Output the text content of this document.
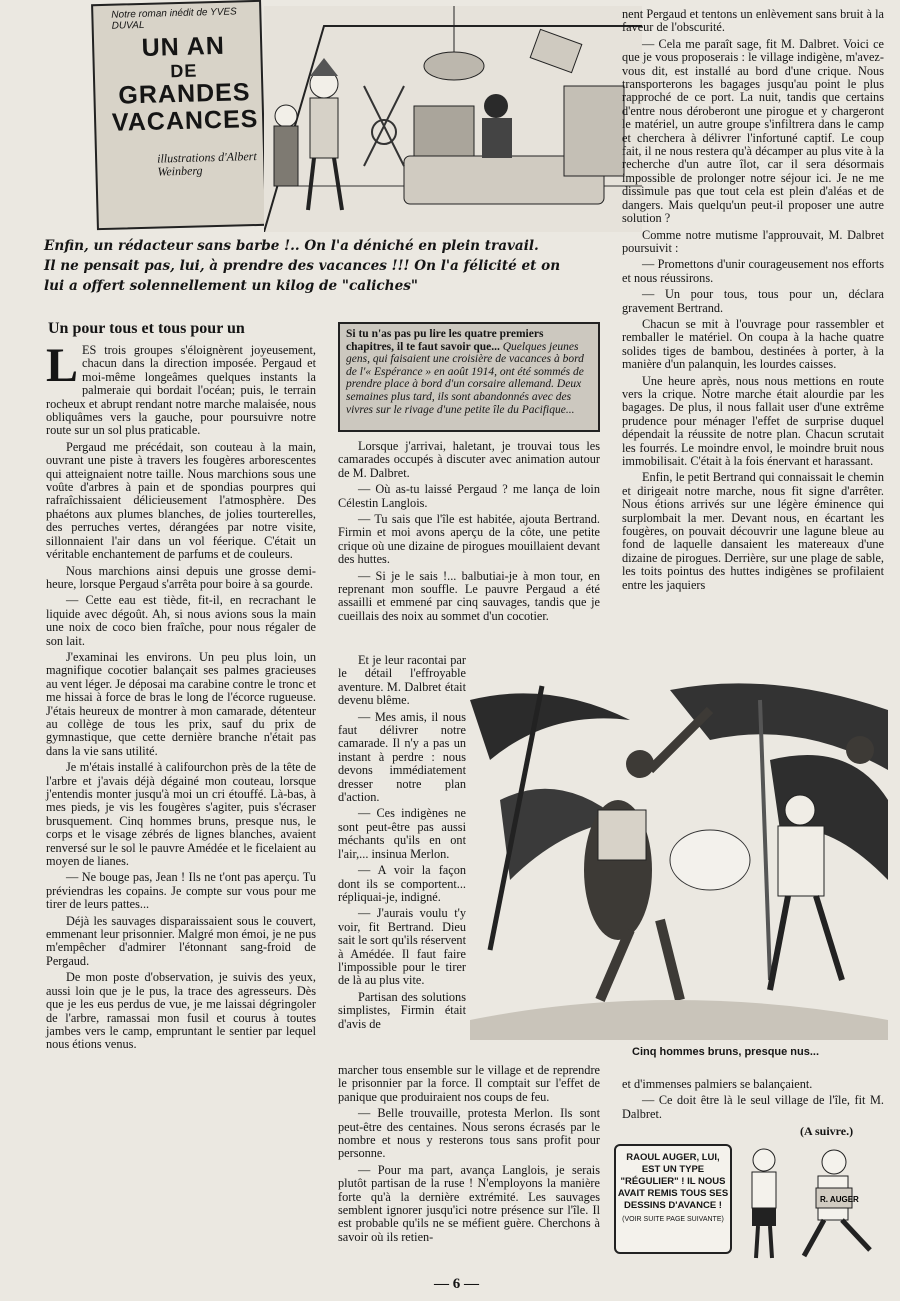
Notre roman inédit de YVES DUVAL
UN AN
DE
GRANDES
VACANCES
illustrations d'Albert Weinberg
Enfin, un rédacteur sans barbe !.. On l'a déniché en plein travail.
Il ne pensait pas, lui, à prendre des vacances !!! On l'a félicité et on
lui a offert solennellement un kilog de "caliches"
Un pour tous et tous pour un

LES trois groupes s'éloignèrent joyeusement, chacun dans la direction imposée. Pergaud et moi-même longeâmes quelques instants la palmeraie qui bordait l'océan; puis, le terrain rocheux et abrupt rendant notre marche malaisée, nous obliquâmes vers la gauche, pour poursuivre notre route sur un sol plus praticable.

Pergaud me précédait, son couteau à la main, ouvrant une piste à travers les fougères arborescentes qui atteignaient notre taille. Nous marchions sous une voûte d'arbres à pain et de spondias pourpres qui rafraîchissaient délicieusement l'atmosphère. Des phaétons aux plumes blanches, de jolies tourterelles, des perruches vertes, dérangées par notre visite, sillonnaient l'air dans un vol féerique. C'était un véritable enchantement de parfums et de couleurs.

Nous marchions ainsi depuis une grosse demi-heure, lorsque Pergaud s'arrêta pour boire à sa gourde.

— Cette eau est tiède, fit-il, en recrachant le liquide avec dégoût. Ah, si nous avions sous la main une noix de coco bien fraîche, pour nous régaler de son lait.

J'examinai les environs. Un peu plus loin, un magnifique cocotier balançait ses palmes gracieuses au vent léger. Je déposai ma carabine contre le tronc et me hissai à force de bras le long de l'écorce rugueuse. J'étais heureux de montrer à mon camarade, détenteur au collège de tous les prix, sauf du prix de gymnastique, que cette dernière branche n'était pas dans la vie sans utilité.

Je m'étais installé à califourchon près de la tête de l'arbre et j'avais déjà dégainé mon couteau, lorsque j'entendis monter jusqu'à moi un cri étouffé. Là-bas, à mes pieds, je vis les fougères s'agiter, puis s'écraser brusquement. Cinq hommes bruns, presque nus, le corps et le visage zébrés de lignes blanches, avaient renversé sur le sol le pauvre Amédée et le ficelaient au moyen de lianes.

— Ne bouge pas, Jean ! Ils ne t'ont pas aperçu. Tu préviendras les copains. Je compte sur vous pour me tirer de leurs pattes...

Déjà les sauvages disparaissaient sous le couvert, emmenant leur prisonnier. Malgré mon émoi, je ne pus m'empêcher d'admirer l'étonnant sang-froid de Pergaud.

De mon poste d'observation, je suivis des yeux, aussi loin que je le pus, la trace des agresseurs. Dès que je les eus perdus de vue, je me laissai dégringoler de l'arbre, ramassai mon fusil et courus à toutes jambes vers le camp, empruntant le sentier par lequel nous étions venus.

Si tu n'as pas pu lire les quatre premiers chapitres, il te faut savoir que... Quelques jeunes gens, qui faisaient une croisière de vacances à bord de l'« Espérance » en août 1914, ont été sommés de prendre place à bord d'un corsaire allemand. Deux semaines plus tard, ils sont abandonnés avec des vivres sur le rivage d'une petite île du Pacifique...

Lorsque j'arrivai, haletant, je trouvai tous les camarades occupés à discuter avec animation autour de M. Dalbret.

— Où as-tu laissé Pergaud ? me lança de loin Célestin Langlois.

— Tu sais que l'île est habitée, ajouta Bertrand. Firmin et moi avons aperçu de la côte, une petite crique où une dizaine de pirogues mouillaient devant des huttes.

— Si je le sais !... balbutiai-je à mon tour, en reprenant mon souffle. Le pauvre Pergaud a été assailli et emmené par cinq sauvages, tandis que je cueillais des noix au sommet d'un cocotier.

Et je leur racontai par le détail l'effroyable aventure. M. Dalbret était devenu blême.

— Mes amis, il nous faut délivrer notre camarade. Il n'y a pas un instant à perdre : nous devons immédiatement dresser notre plan d'action.

— Ces indigènes ne sont peut-être pas aussi méchants qu'ils en ont l'air,... insinua Merlon.

— A voir la façon dont ils se comportent... répliquai-je, indigné.

— J'aurais voulu t'y voir, fit Bertrand. Dieu sait le sort qu'ils réservent à Amédée. Il faut faire l'impossible pour le tirer de là au plus vite.

Partisan des solutions simplistes, Firmin était d'avis de

marcher tous ensemble sur le village et de reprendre le prisonnier par la force. Il comptait sur l'effet de panique que produiraient nos coups de feu.

— Belle trouvaille, protesta Merlon. Ils sont peut-être des centaines. Nous serons écrasés par le nombre et nous y resterons tous sans profit pour personne.

— Pour ma part, avança Langlois, je serais plutôt partisan de la ruse ! N'employons la manière forte qu'à la dernière extrémité. Les sauvages semblent ignorer jusqu'ici notre présence sur l'île. Il est probable qu'ils ne se méfient guère. Cherchons à savoir où ils retien-

nent Pergaud et tentons un enlèvement sans bruit à la faveur de l'obscurité.

— Cela me paraît sage, fit M. Dalbret. Voici ce que je vous proposerais : le village indigène, m'avez-vous dit, est installé au bord d'une crique. Nous transporterons les bagages jusqu'au point le plus rapproché de ce port. La nuit, tandis que certains d'entre nous déroberont une pirogue et y chargeront le matériel, un autre groupe s'infiltrera dans le camp et cherchera à délivrer l'infortuné captif. Le coup fait, il ne nous restera qu'à décamper au plus vite à la recherche d'un autre îlot, car il sera désormais impossible de prolonger notre séjour ici. Je ne me dissimule pas que tout cela est plein d'aléas et de dangers. Mais quelqu'un peut-il proposer une autre solution ?

Comme notre mutisme l'approuvait, M. Dalbret poursuivit :

— Promettons d'unir courageusement nos efforts et nous réussirons.

— Un pour tous, tous pour un, déclara gravement Bertrand.

Chacun se mit à l'ouvrage pour rassembler et remballer le matériel. On coupa à la hache quatre solides tiges de bambou, destinées à porter, à la manière d'un palanquin, les lourdes caisses.

Une heure après, nous nous mettions en route vers la crique. Notre marche était alourdie par les bagages. De plus, il nous fallait user d'une extrême prudence pour ménager l'effet de surprise duquel dépendait la réussite de notre plan. Chacun scrutait les fourrés. Le moindre envol, le moindre bruit nous immobilisait. C'était à la fois énervant et harassant.

Enfin, le petit Bertrand qui connaissait le chemin et dirigeait notre marche, nous fit signe d'arrêter. Nous étions arrivés sur une légère éminence qui surplombait la mer. Devant nous, en écartant les fougères, on pouvait découvrir une lagune bleue au fond de laquelle dansaient les matereaux d'une dizaine de pirogues. Derrière, sur une plage de sable, les toits pointus des huttes indigènes se profilaient entre les jaquiers

Cinq hommes bruns, presque nus...

et d'immenses palmiers se balançaient.

— Ce doit être là le seul village de l'île, fit M. Dalbret.

(A suivre.)
RAOUL AUGER, LUI, EST UN TYPE "RÉGULIER" ! IL NOUS AVAIT REMIS TOUS SES DESSINS D'AVANCE !
(VOIR SUITE PAGE SUIVANTE)
R. AUGER
— 6 —
